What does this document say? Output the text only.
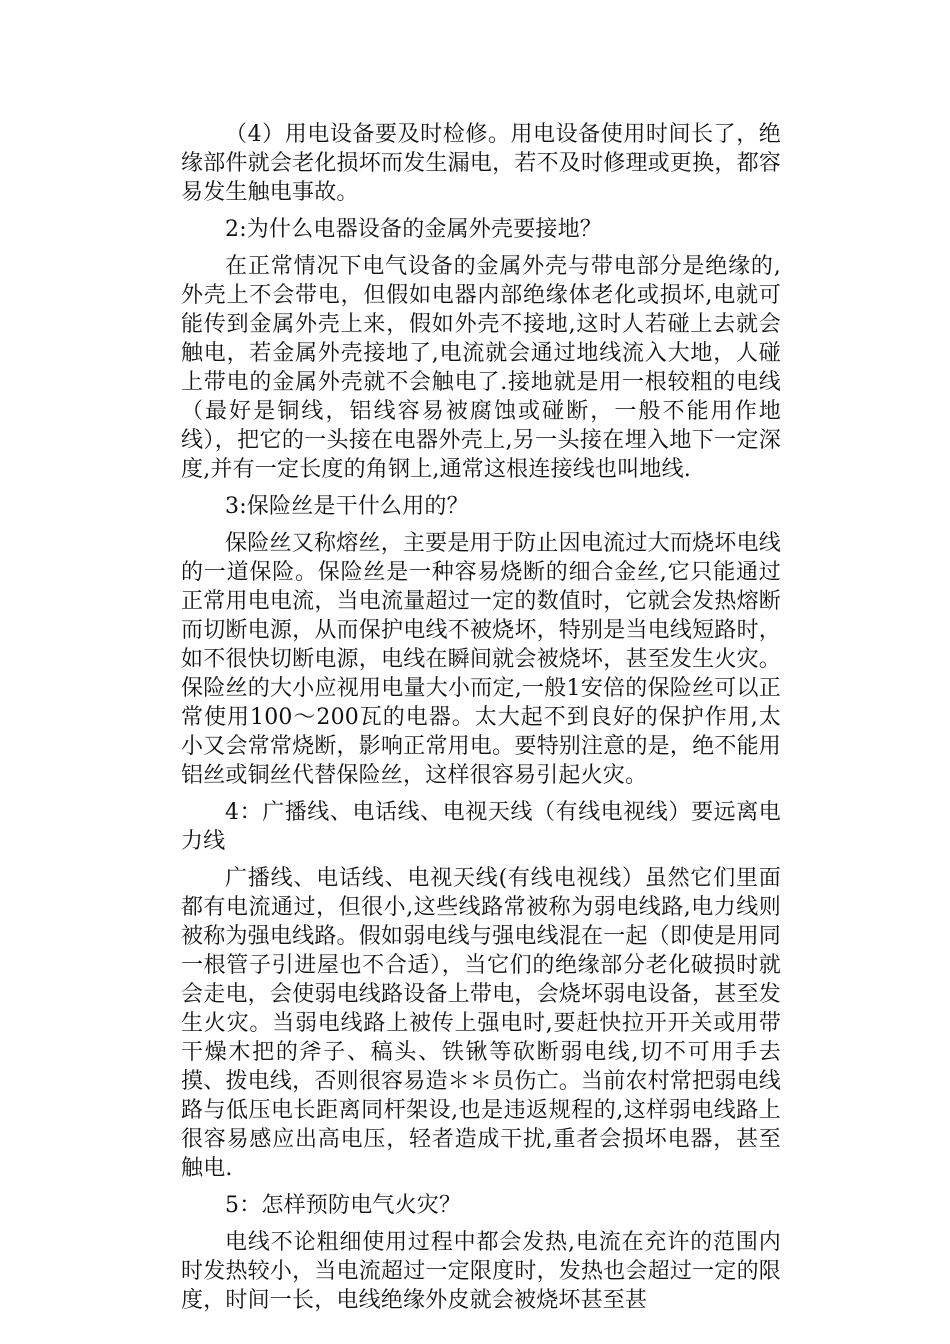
（4）用电设备要及时检修。用电设备使用时间长了，绝缘部件就会老化损坏而发生漏电，若不及时修理或更换，都容易发生触电事故。

2:为什么电器设备的金属外壳要接地？

在正常情况下电气设备的金属外壳与带电部分是绝缘的,外壳上不会带电，但假如电器内部绝缘体老化或损坏,电就可能传到金属外壳上来，假如外壳不接地,这时人若碰上去就会触电，若金属外壳接地了,电流就会通过地线流入大地，人碰上带电的金属外壳就不会触电了.接地就是用一根较粗的电线（最好是铜线，铝线容易被腐蚀或碰断，一般不能用作地线），把它的一头接在电器外壳上,另一头接在埋入地下一定深度,并有一定长度的角钢上,通常这根连接线也叫地线.

3:保险丝是干什么用的？

保险丝又称熔丝，主要是用于防止因电流过大而烧坏电线的一道保险。保险丝是一种容易烧断的细合金丝,它只能通过正常用电电流，当电流量超过一定的数值时，它就会发热熔断而切断电源，从而保护电线不被烧坏，特别是当电线短路时，如不很快切断电源，电线在瞬间就会被烧坏，甚至发生火灾。保险丝的大小应视用电量大小而定,一般1安倍的保险丝可以正常使用100～200瓦的电器。太大起不到良好的保护作用,太小又会常常烧断，影响正常用电。要特别注意的是，绝不能用铝丝或铜丝代替保险丝，这样很容易引起火灾。

4：广播线、电话线、电视天线（有线电视线）要远离电力线

广播线、电话线、电视天线(有线电视线）虽然它们里面都有电流通过，但很小,这些线路常被称为弱电线路,电力线则被称为强电线路。假如弱电线与强电线混在一起（即使是用同一根管子引进屋也不合适），当它们的绝缘部分老化破损时就会走电，会使弱电线路设备上带电，会烧坏弱电设备，甚至发生火灾。当弱电线路上被传上强电时,要赶快拉开开关或用带干燥木把的斧子、稿头、铁锹等砍断弱电线,切不可用手去摸、拨电线，否则很容易造＊＊员伤亡。当前农村常把弱电线路与低压电长距离同杆架设,也是违返规程的,这样弱电线路上很容易感应出高电压，轻者造成干扰,重者会损坏电器，甚至触电.

5：怎样预防电气火灾？

电线不论粗细使用过程中都会发热,电流在充许的范围内时发热较小，当电流超过一定限度时，发热也会超过一定的限度，时间一长，电线绝缘外皮就会被烧坏甚至甚
